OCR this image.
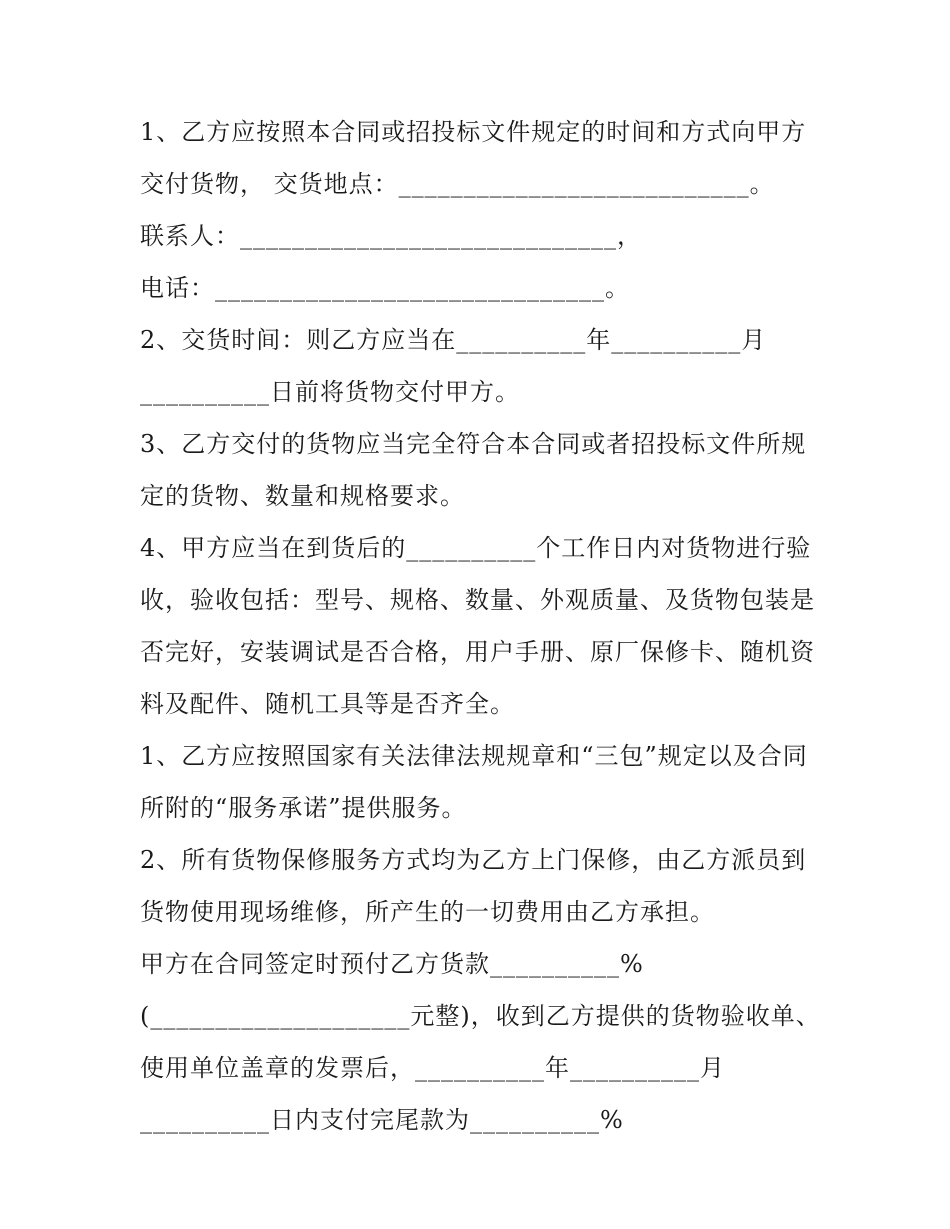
1、乙方应按照本合同或招投标文件规定的时间和方式向甲方
交付货物， 交货地点：___________________________。
联系人：_____________________________，
电话：______________________________。
2、交货时间：则乙方应当在__________年__________月
__________日前将货物交付甲方。
3、乙方交付的货物应当完全符合本合同或者招投标文件所规
定的货物、数量和规格要求。
4、甲方应当在到货后的__________个工作日内对货物进行验
收，验收包括：型号、规格、数量、外观质量、及货物包装是
否完好，安装调试是否合格，用户手册、原厂保修卡、随机资
料及配件、随机工具等是否齐全。
1、乙方应按照国家有关法律法规规章和“三包”规定以及合同
所附的“服务承诺”提供服务。
2、所有货物保修服务方式均为乙方上门保修，由乙方派员到
货物使用现场维修，所产生的一切费用由乙方承担。
甲方在合同签定时预付乙方货款__________%
(____________________元整)，收到乙方提供的货物验收单、
使用单位盖章的发票后，__________年__________月
__________日内支付完尾款为__________%
